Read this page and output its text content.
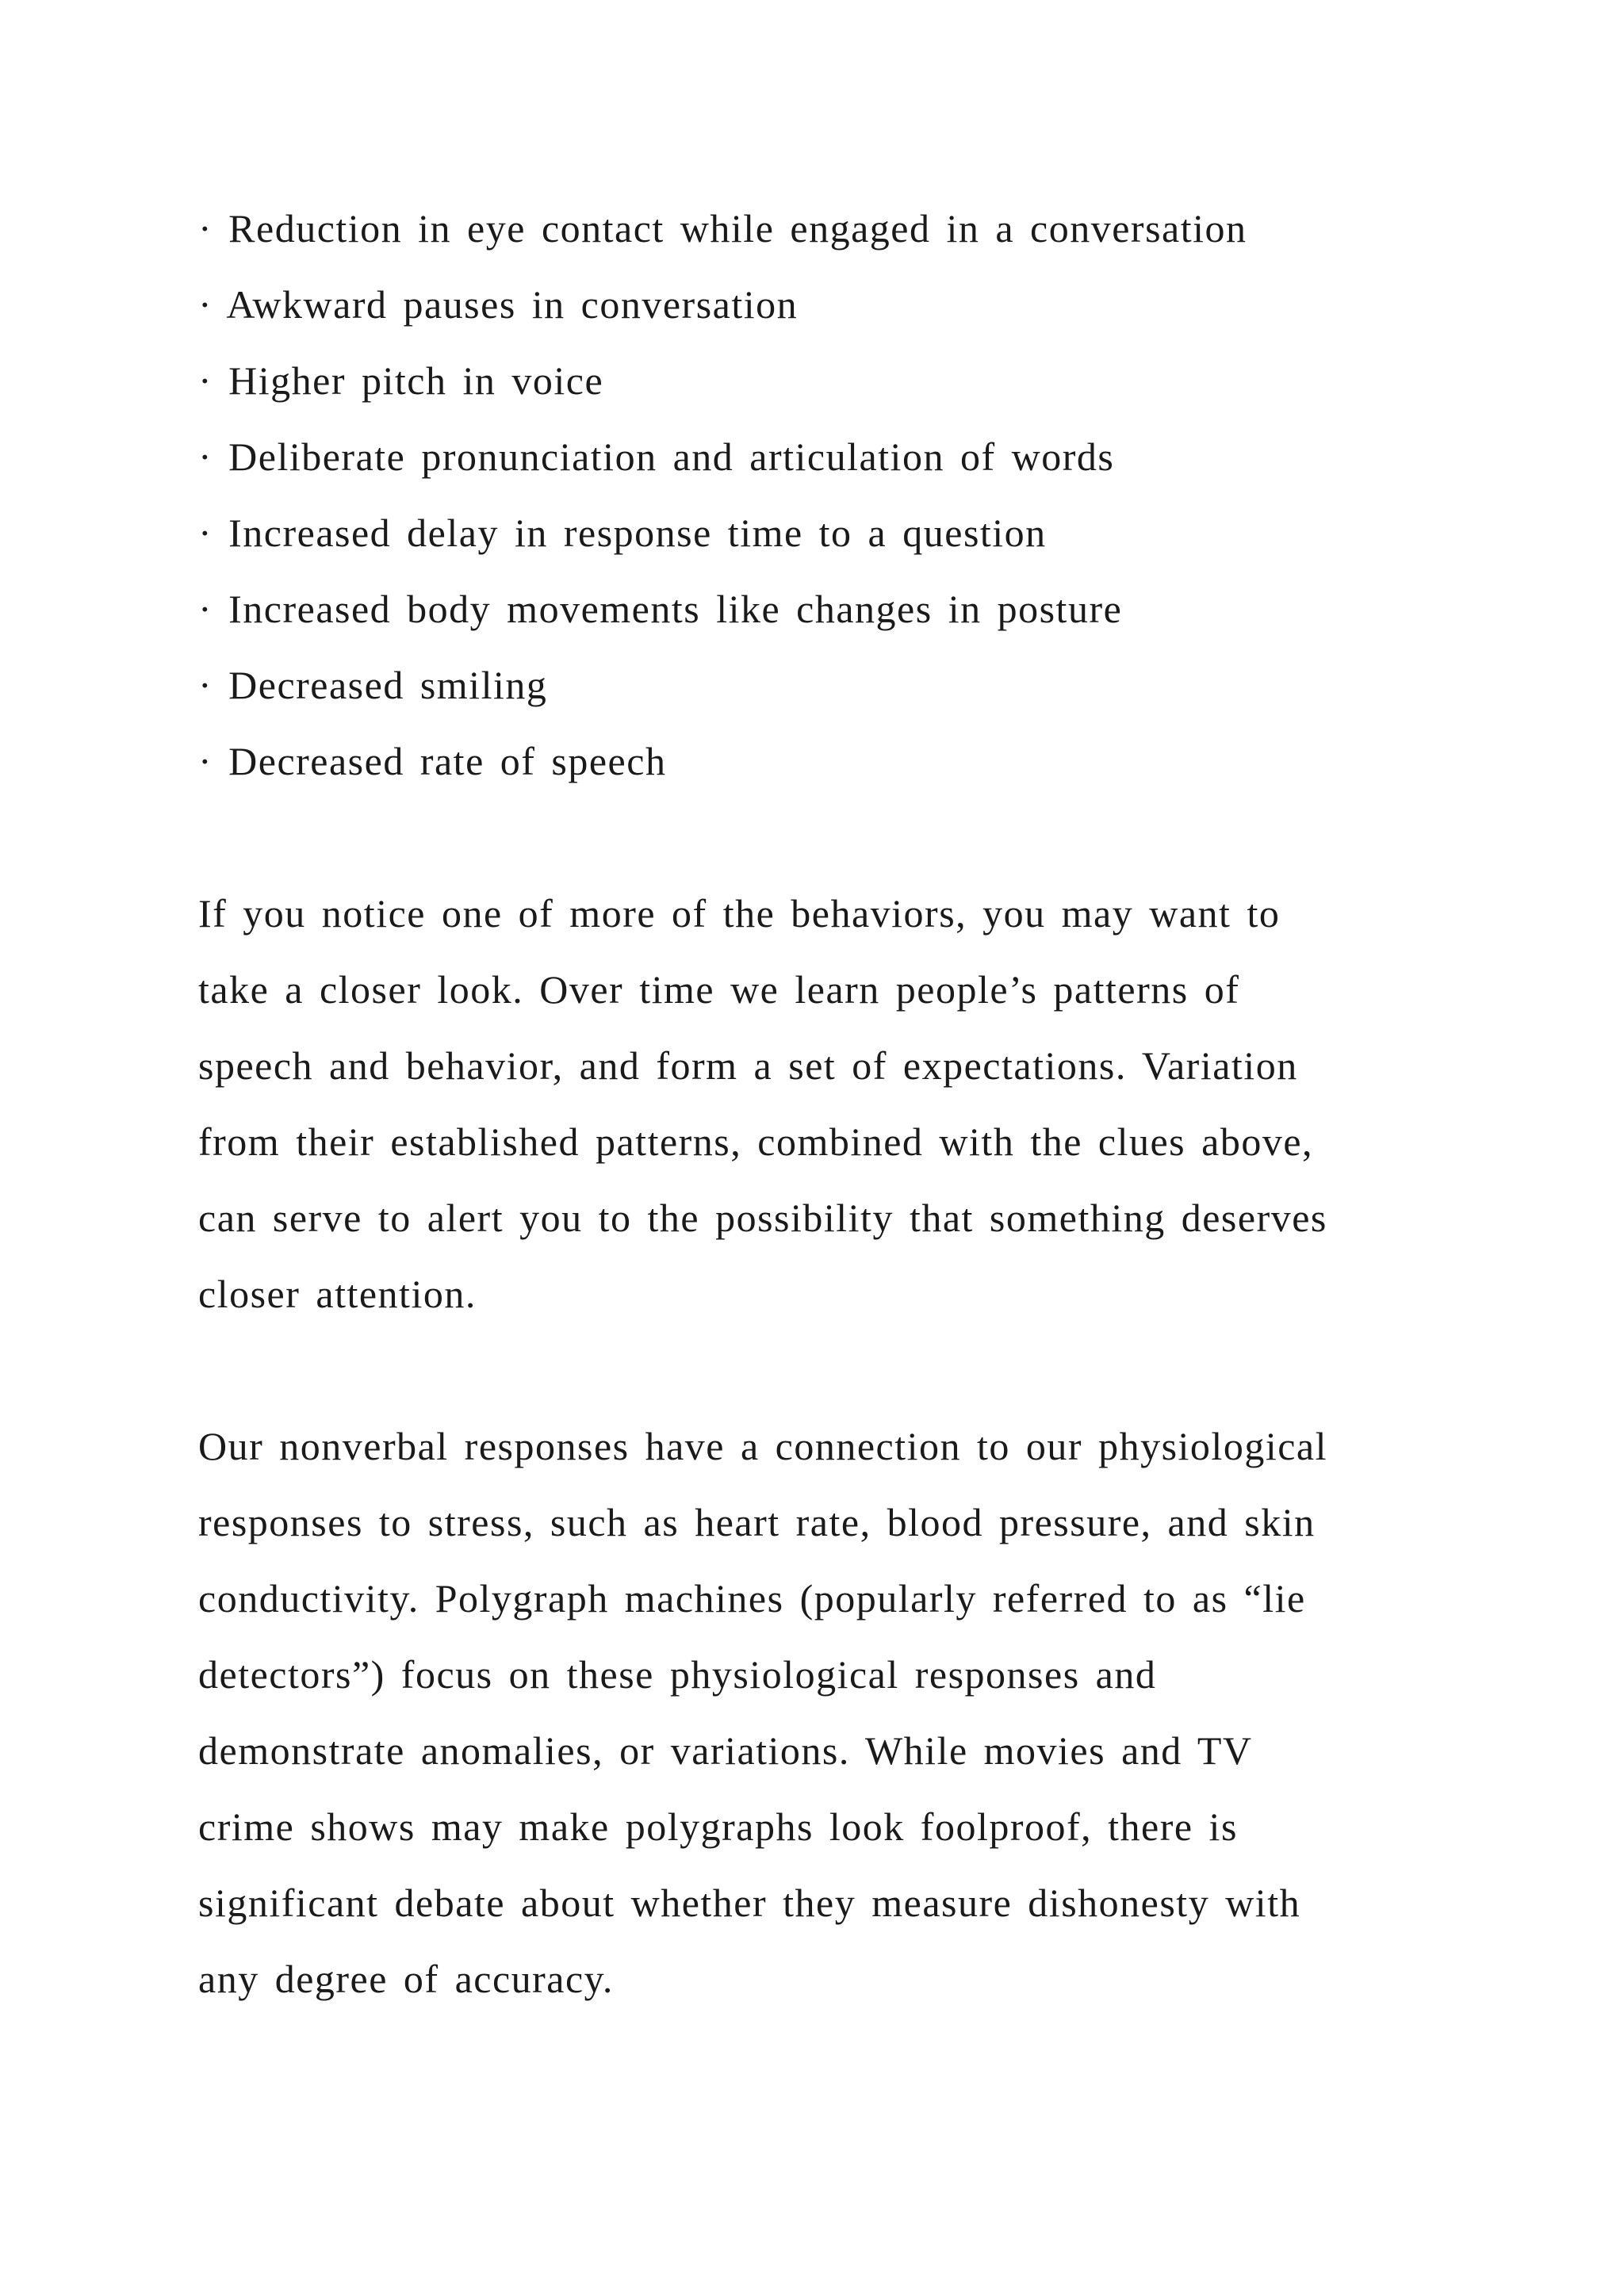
· Reduction in eye contact while engaged in a conversation
· Awkward pauses in conversation
· Higher pitch in voice
· Deliberate pronunciation and articulation of words
· Increased delay in response time to a question
· Increased body movements like changes in posture
· Decreased smiling
· Decreased rate of speech
If you notice one of more of the behaviors, you may want to
take a closer look. Over time we learn people’s patterns of
speech and behavior, and form a set of expectations. Variation
from their established patterns, combined with the clues above,
can serve to alert you to the possibility that something deserves
closer attention.
Our nonverbal responses have a connection to our physiological
responses to stress, such as heart rate, blood pressure, and skin
conductivity. Polygraph machines (popularly referred to as “lie
detectors”) focus on these physiological responses and
demonstrate anomalies, or variations. While movies and TV
crime shows may make polygraphs look foolproof, there is
significant debate about whether they measure dishonesty with
any degree of accuracy.
